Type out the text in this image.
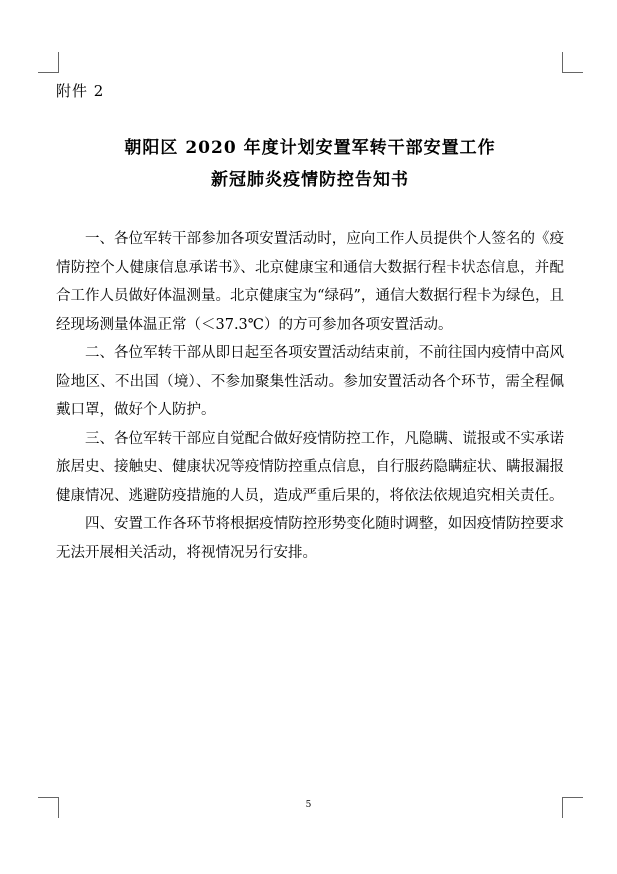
附件 2
朝阳区 2020 年度计划安置军转干部安置工作
新冠肺炎疫情防控告知书

一、各位军转干部参加各项安置活动时，应向工作人员提供个人签名的《疫情防控个人健康信息承诺书》、北京健康宝和通信大数据行程卡状态信息，并配合工作人员做好体温测量。北京健康宝为“绿码”，通信大数据行程卡为绿色，且经现场测量体温正常（＜37.3℃）的方可参加各项安置活动。

二、各位军转干部从即日起至各项安置活动结束前，不前往国内疫情中高风险地区、不出国（境）、不参加聚集性活动。参加安置活动各个环节，需全程佩戴口罩，做好个人防护。

三、各位军转干部应自觉配合做好疫情防控工作，凡隐瞒、谎报或不实承诺旅居史、接触史、健康状况等疫情防控重点信息，自行服药隐瞒症状、瞒报漏报健康情况、逃避防疫措施的人员，造成严重后果的，将依法依规追究相关责任。

四、安置工作各环节将根据疫情防控形势变化随时调整，如因疫情防控要求无法开展相关活动，将视情况另行安排。

5
